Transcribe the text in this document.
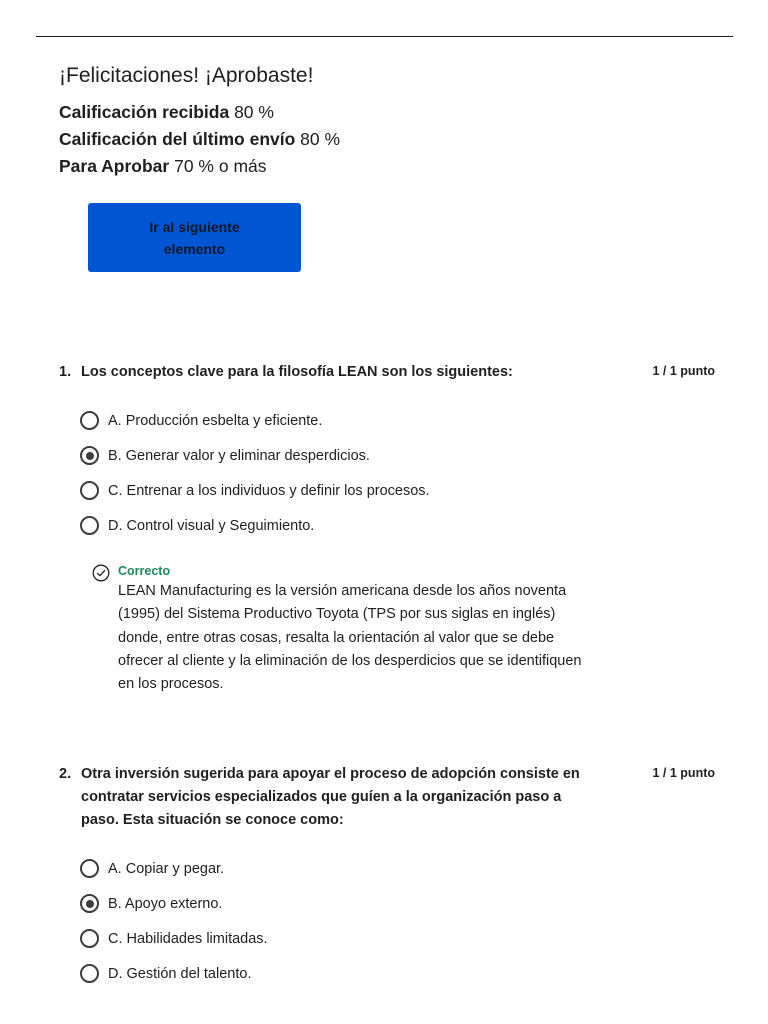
¡Felicitaciones! ¡Aprobaste!
Calificación recibida 80 %
Calificación del último envío 80 %
Para Aprobar 70 % o más
Ir al siguiente elemento
1. Los conceptos clave para la filosofía LEAN son los siguientes:	1 / 1 punto
A. Producción esbelta y eficiente.
B. Generar valor y eliminar desperdicios.
C. Entrenar a los individuos y definir los procesos.
D. Control visual y Seguimiento.
Correcto
LEAN Manufacturing es la versión americana desde los años noventa (1995) del Sistema Productivo Toyota (TPS por sus siglas en inglés) donde, entre otras cosas, resalta la orientación al valor que se debe ofrecer al cliente y la eliminación de los desperdicios que se identifiquen en los procesos.
2. Otra inversión sugerida para apoyar el proceso de adopción consiste en contratar servicios especializados que guíen a la organización paso a paso. Esta situación se conoce como:
1 / 1 punto
A. Copiar y pegar.
B. Apoyo externo.
C. Habilidades limitadas.
D. Gestión del talento.
